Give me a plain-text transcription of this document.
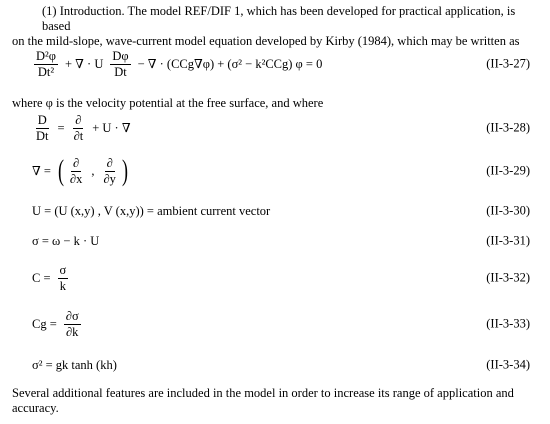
(1) Introduction. The model REF/DIF 1, which has been developed for practical application, is based
on the mild-slope, wave-current model equation developed by Kirby (1984), which may be written as
$\frac{\text{D²φ}}{\text{Dt²}}$ + ∇ · U $\frac{D\varphi}{Dt}$ − ∇ · (CCg∇φ) + (σ² − k²CCg) φ = 0	(II-3-27)
where φ is the velocity potential at the free surface, and where
$\frac{D}{Dt} = \frac{\partial}{\partial t} + U$ · ∇	(II-3-28)
∇ = ( $\frac{\partial}{\partial x}$ , $\frac{\partial}{\partial y}$ )	(II-3-29)
U = (U (x,y) , V (x,y)) = ambient current vector	(II-3-30)
σ = ω − k · U	(II-3-31)
$C = \frac{\sigma}{k}$	(II-3-32)
$Cg = \frac{\partial\sigma}{\partial k}$	(II-3-33)
σ² = gk tanh (kh)	(II-3-34)
Several additional features are included in the model in order to increase its range of application and
accuracy.
